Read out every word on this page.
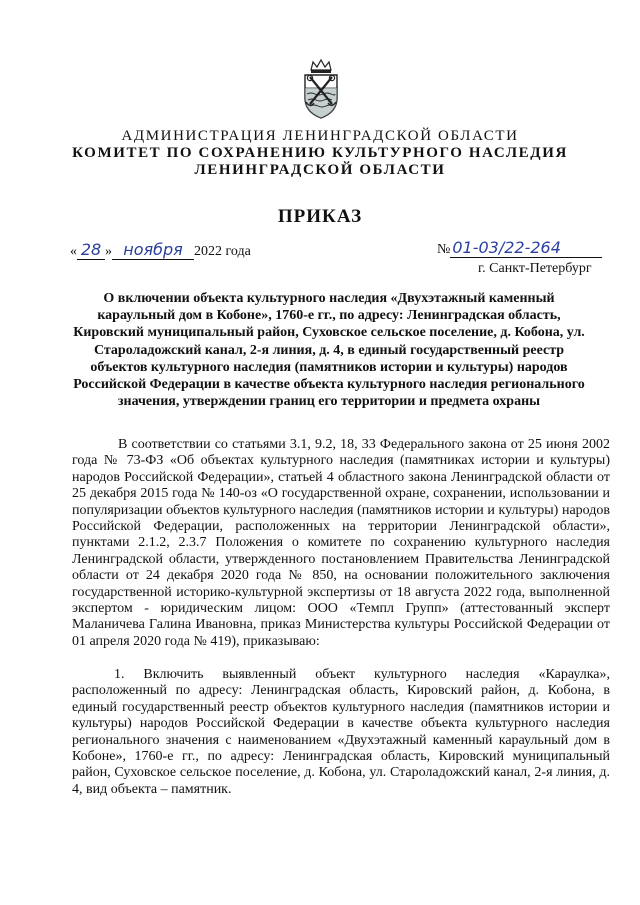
АДМИНИСТРАЦИЯ ЛЕНИНГРАДСКОЙ ОБЛАСТИ
КОМИТЕТ ПО СОХРАНЕНИЮ КУЛЬТУРНОГО НАСЛЕДИЯ
ЛЕНИНГРАДСКОЙ ОБЛАСТИ
ПРИКАЗ
« 28 » ноября 2022 года	№ 01-03/22-264
г. Санкт-Петербург
О включении объекта культурного наследия «Двухэтажный каменный караульный дом в Кобоне», 1760-е гг., по адресу: Ленинградская область, Кировский муниципальный район, Суховское сельское поселение, д. Кобона, ул. Староладожский канал, 2-я линия, д. 4, в единый государственный реестр объектов культурного наследия (памятников истории и культуры) народов Российской Федерации в качестве объекта культурного наследия регионального значения, утверждении границ его территории и предмета охраны
В соответствии со статьями 3.1, 9.2, 18, 33 Федерального закона от 25 июня 2002 года № 73-ФЗ «Об объектах культурного наследия (памятниках истории и культуры) народов Российской Федерации», статьей 4 областного закона Ленинградской области от 25 декабря 2015 года № 140-оз «О государственной охране, сохранении, использовании и популяризации объектов культурного наследия (памятников истории и культуры) народов Российской Федерации, расположенных на территории Ленинградской области», пунктами 2.1.2, 2.3.7 Положения о комитете по сохранению культурного наследия Ленинградской области, утвержденного постановлением Правительства Ленинградской области от 24 декабря 2020 года № 850, на основании положительного заключения государственной историко-культурной экспертизы от 18 августа 2022 года, выполненной экспертом - юридическим лицом: ООО «Темпл Групп» (аттестованный эксперт Маланичева Галина Ивановна, приказ Министерства культуры Российской Федерации от 01 апреля 2020 года № 419), приказываю:
1. Включить выявленный объект культурного наследия «Караулка», расположенный по адресу: Ленинградская область, Кировский район, д. Кобона, в единый государственный реестр объектов культурного наследия (памятников истории и культуры) народов Российской Федерации в качестве объекта культурного наследия регионального значения с наименованием «Двухэтажный каменный караульный дом в Кобоне», 1760-е гг., по адресу: Ленинградская область, Кировский муниципальный район, Суховское сельское поселение, д. Кобона, ул. Староладожский канал, 2-я линия, д. 4, вид объекта – памятник.
